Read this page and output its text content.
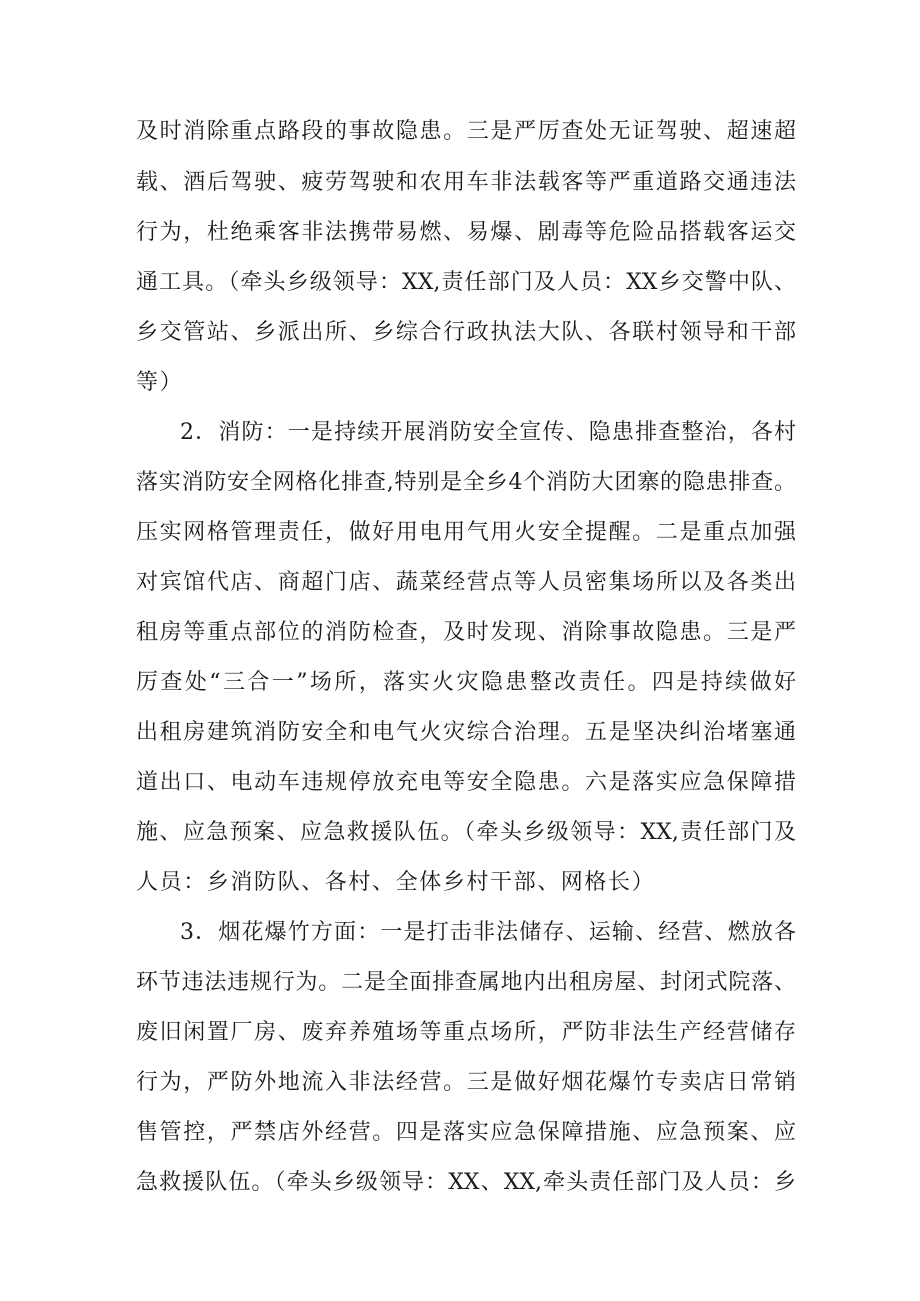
及时消除重点路段的事故隐患。三是严厉查处无证驾驶、超速超
载、酒后驾驶、疲劳驾驶和农用车非法载客等严重道路交通违法
行为，杜绝乘客非法携带易燃、易爆、剧毒等危险品搭载客运交
通工具。（牵头乡级领导：XX,责任部门及人员：XX乡交警中队、
乡交管站、乡派出所、乡综合行政执法大队、各联村领导和干部
等）
2．消防：一是持续开展消防安全宣传、隐患排查整治，各村
落实消防安全网格化排查,特别是全乡4个消防大团寨的隐患排查。
压实网格管理责任，做好用电用气用火安全提醒。二是重点加强
对宾馆代店、商超门店、蔬菜经营点等人员密集场所以及各类出
租房等重点部位的消防检查，及时发现、消除事故隐患。三是严
厉查处“三合一”场所，落实火灾隐患整改责任。四是持续做好
出租房建筑消防安全和电气火灾综合治理。五是坚决纠治堵塞通
道出口、电动车违规停放充电等安全隐患。六是落实应急保障措
施、应急预案、应急救援队伍。（牵头乡级领导：XX,责任部门及
人员：乡消防队、各村、全体乡村干部、网格长）
3．烟花爆竹方面：一是打击非法储存、运输、经营、燃放各
环节违法违规行为。二是全面排查属地内出租房屋、封闭式院落、
废旧闲置厂房、废弃养殖场等重点场所，严防非法生产经营储存
行为，严防外地流入非法经营。三是做好烟花爆竹专卖店日常销
售管控，严禁店外经营。四是落实应急保障措施、应急预案、应
急救援队伍。（牵头乡级领导：XX、XX,牵头责任部门及人员：乡
